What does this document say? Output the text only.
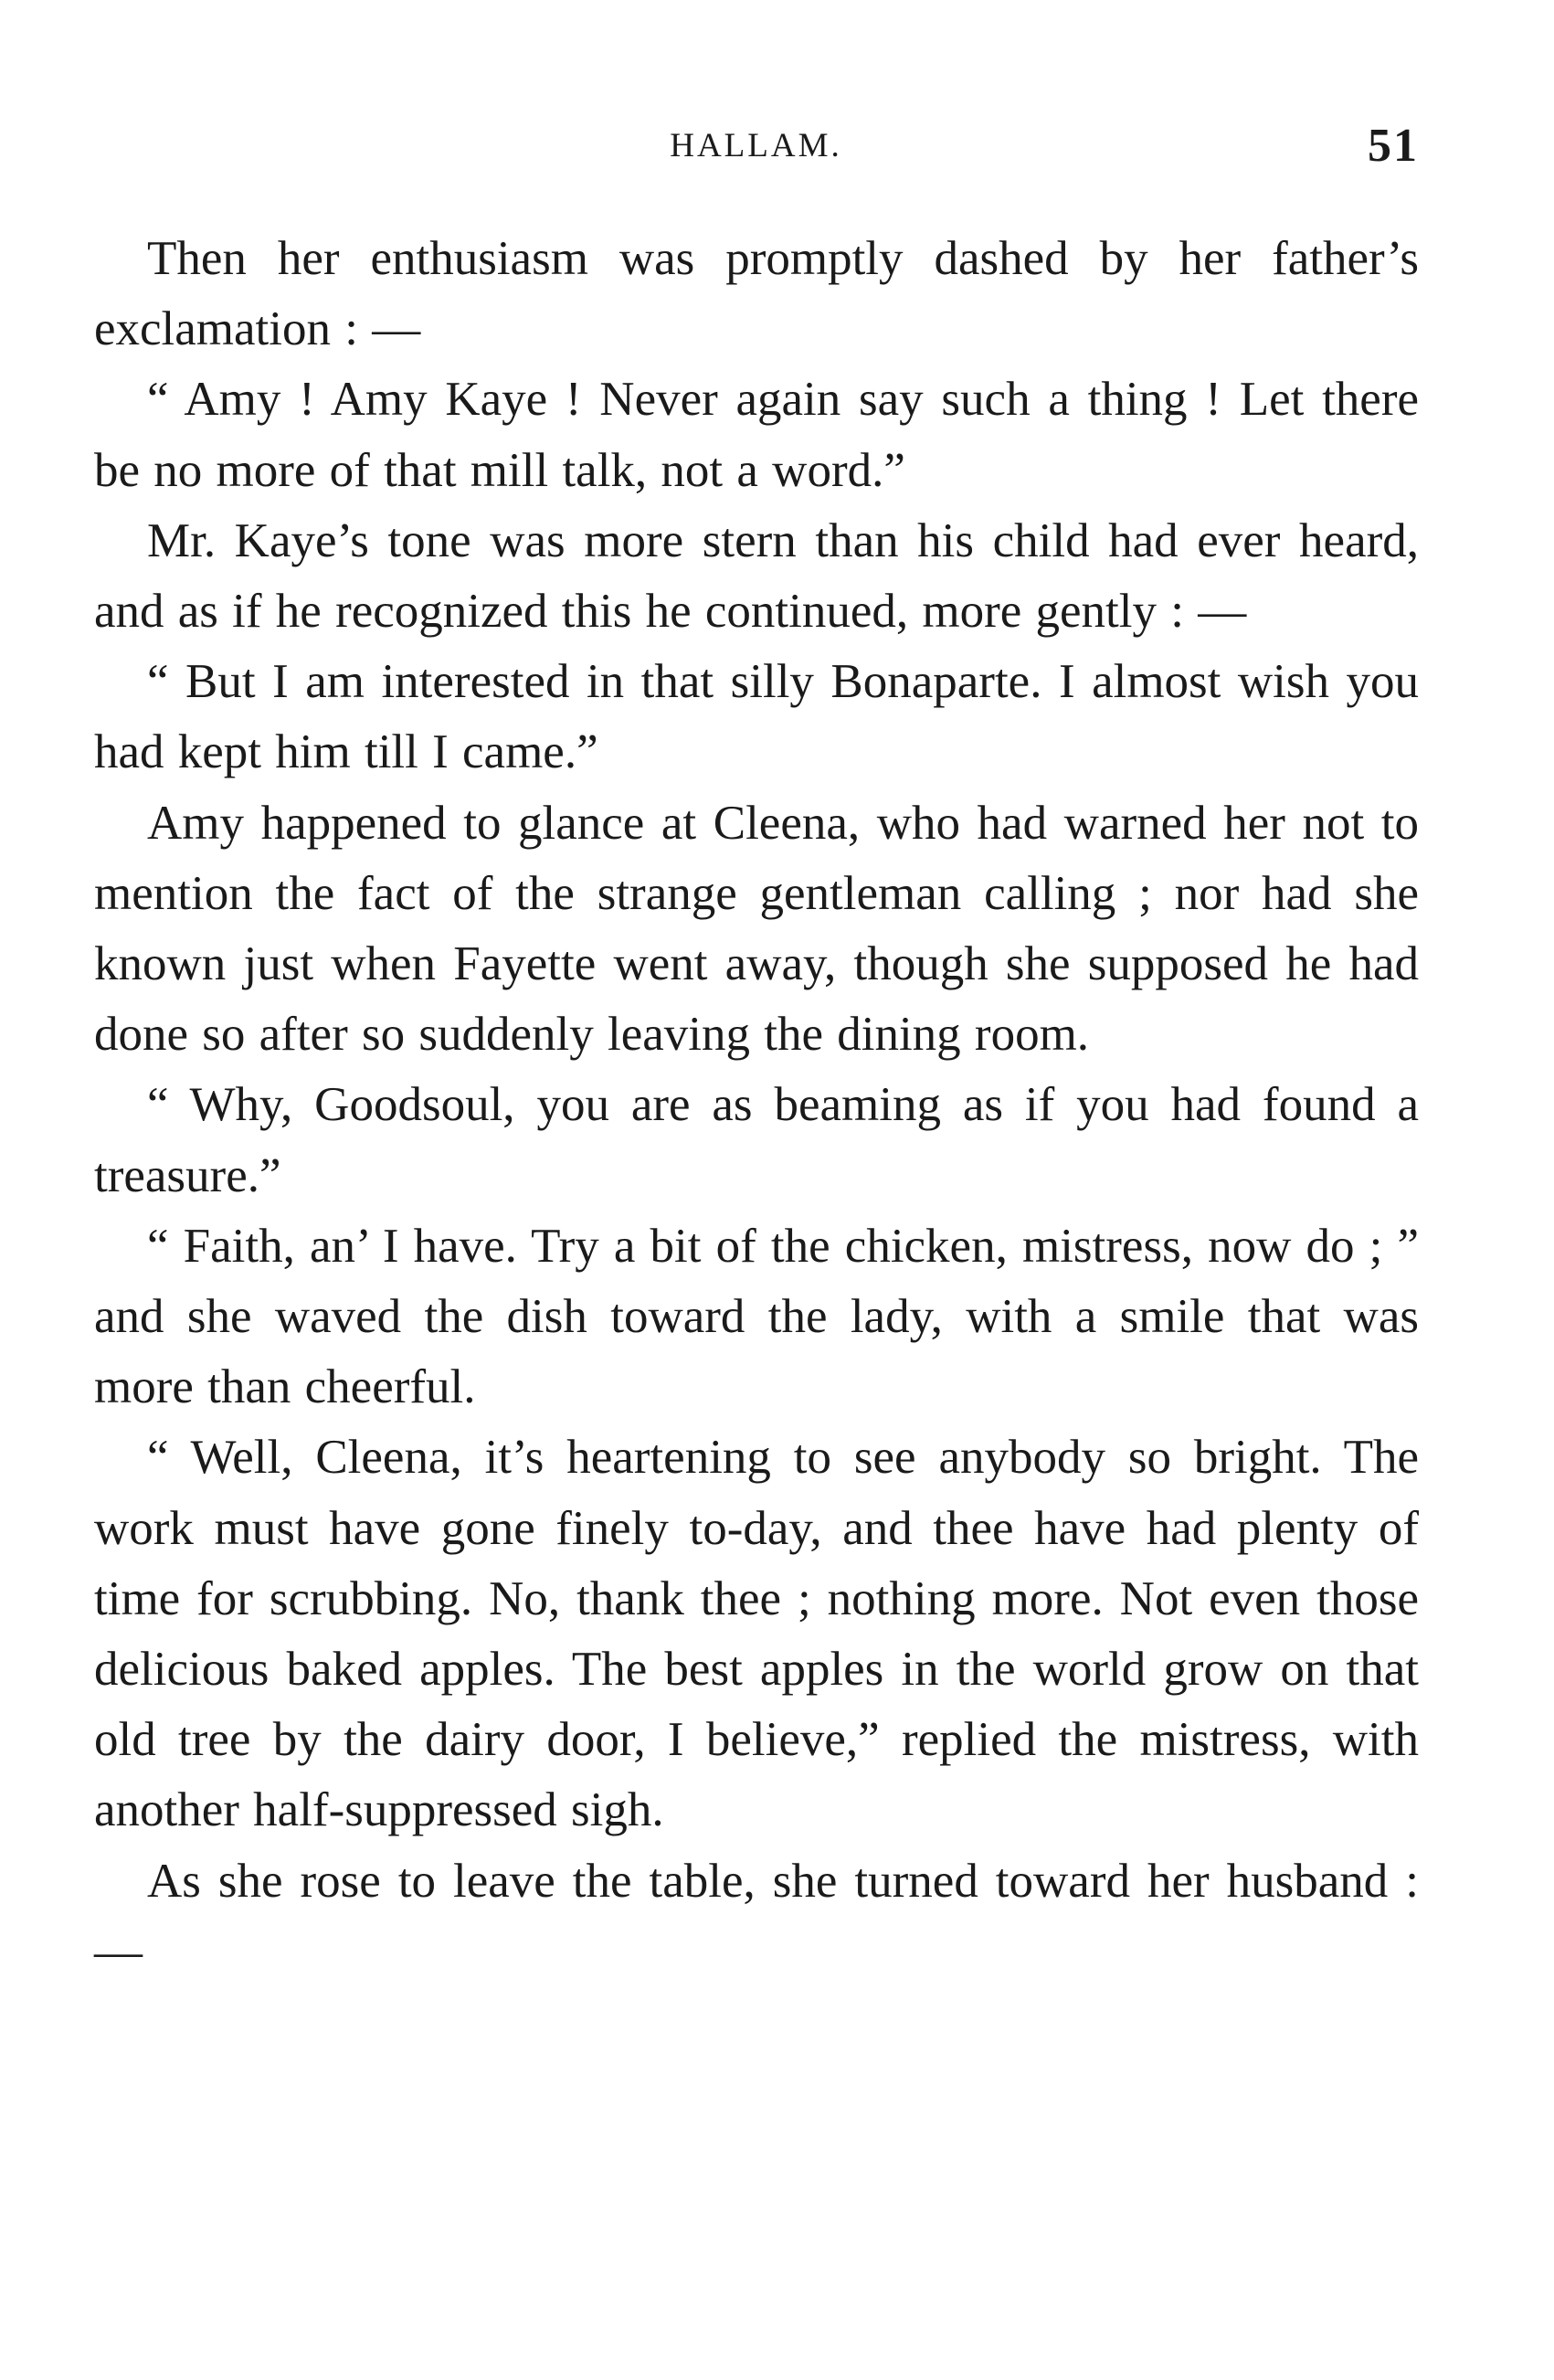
HALLAM.	51

Then her enthusiasm was promptly dashed by her father’s exclamation : —

“ Amy ! Amy Kaye ! Never again say such a thing ! Let there be no more of that mill talk, not a word.”

Mr. Kaye’s tone was more stern than his child had ever heard, and as if he recognized this he continued, more gently : —

“ But I am interested in that silly Bonaparte. I almost wish you had kept him till I came.”

Amy happened to glance at Cleena, who had warned her not to mention the fact of the strange gentleman calling ; nor had she known just when Fayette went away, though she supposed he had done so after so suddenly leaving the dining room.

“ Why, Goodsoul, you are as beaming as if you had found a treasure.”

“ Faith, an’ I have. Try a bit of the chicken, mistress, now do ; ” and she waved the dish toward the lady, with a smile that was more than cheerful.

“ Well, Cleena, it’s heartening to see anybody so bright. The work must have gone finely to-day, and thee have had plenty of time for scrubbing. No, thank thee ; nothing more. Not even those delicious baked apples. The best apples in the world grow on that old tree by the dairy door, I believe,” replied the mistress, with another half-suppressed sigh.

As she rose to leave the table, she turned toward her husband : —
